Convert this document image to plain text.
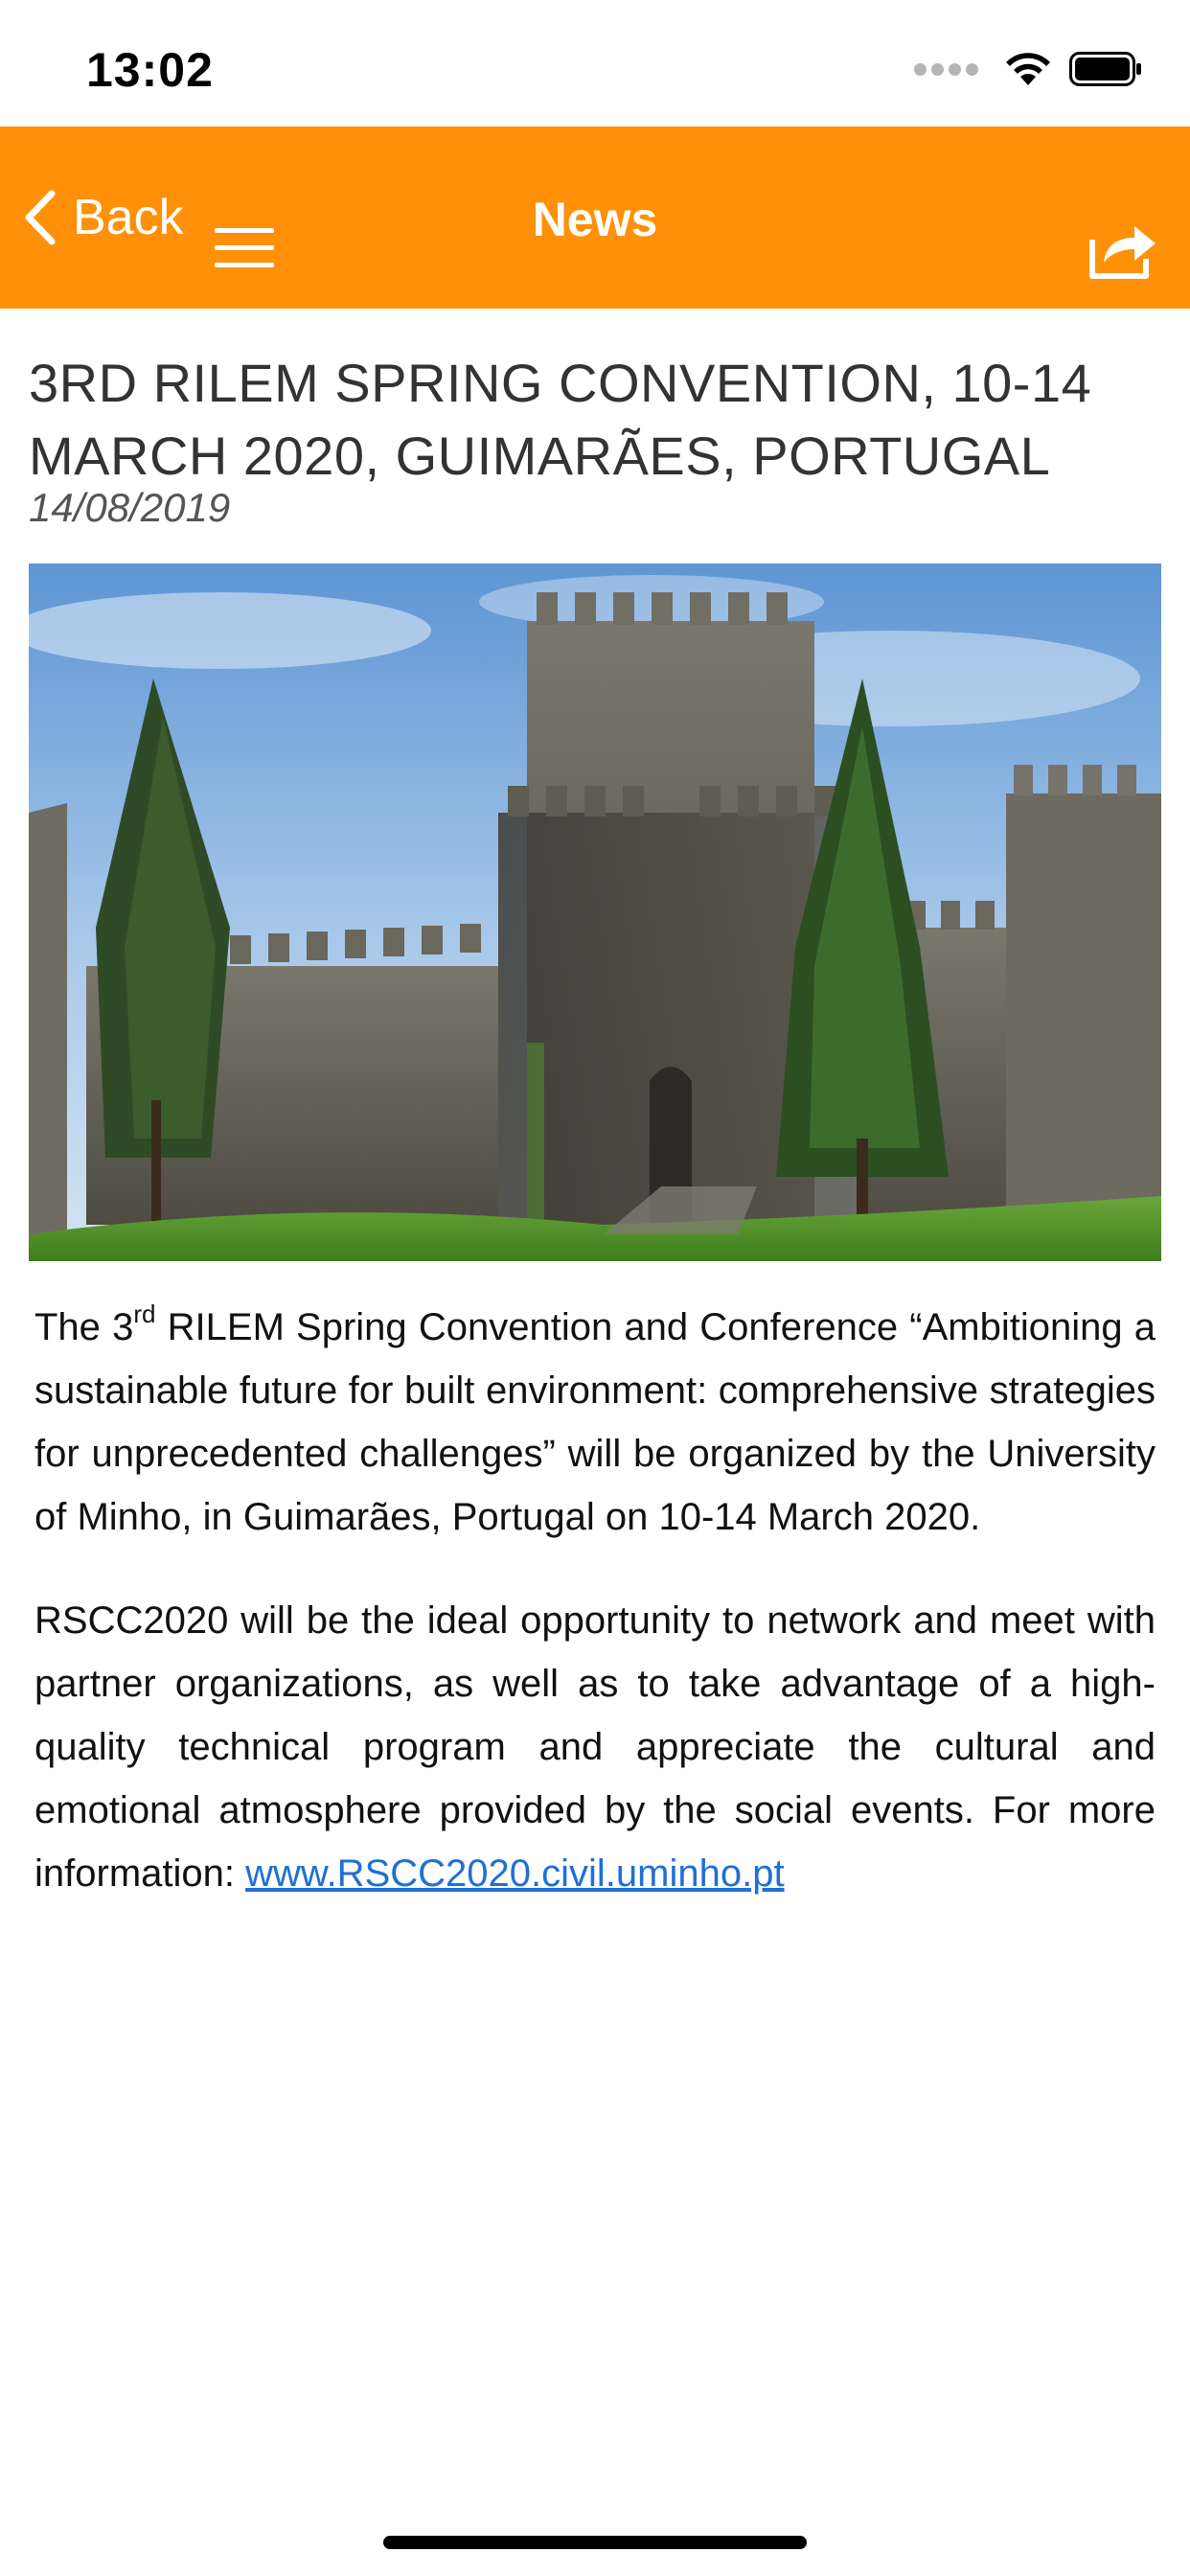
13:02
Back	News
3RD RILEM SPRING CONVENTION, 10-14 MARCH 2020, GUIMARÃES, PORTUGAL
14/08/2019

The 3rd RILEM Spring Convention and Conference “Ambitioning a sustainable future for built environment: comprehensive strategies for unprecedented challenges” will be organized by the University of Minho, in Guimarães, Portugal on 10-14 March 2020.

RSCC2020 will be the ideal opportunity to network and meet with partner organizations, as well as to take advantage of a high-quality technical program and appreciate the cultural and emotional atmosphere provided by the social events. For more information: www.RSCC2020.civil.uminho.pt
